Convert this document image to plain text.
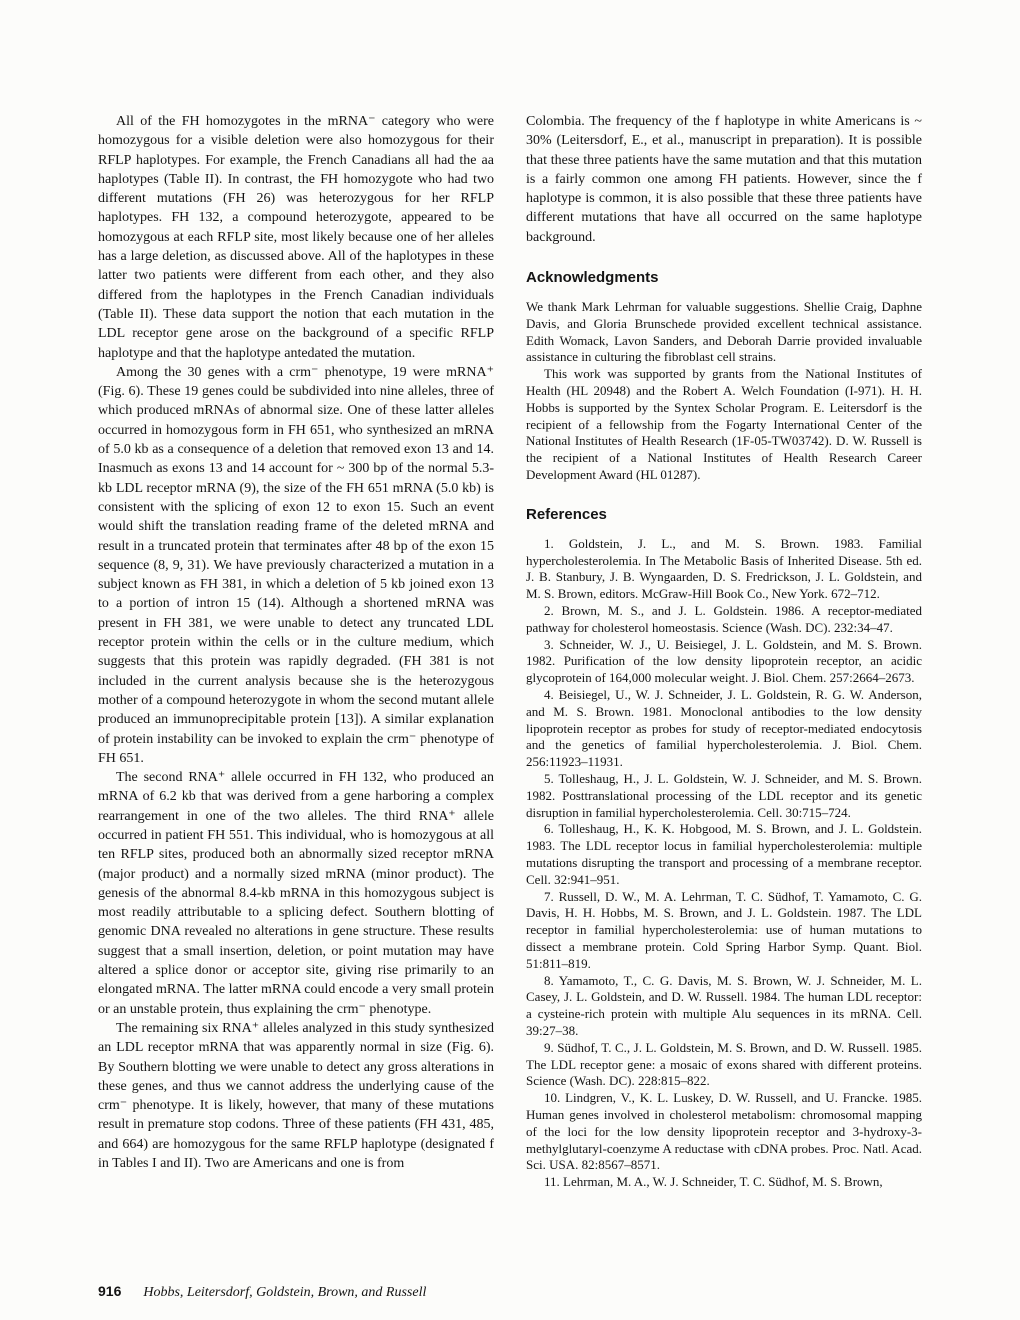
All of the FH homozygotes in the mRNA⁻ category who were homozygous for a visible deletion were also homozygous for their RFLP haplotypes. For example, the French Canadians all had the aa haplotypes (Table II). In contrast, the FH homozygote who had two different mutations (FH 26) was heterozygous for her RFLP haplotypes. FH 132, a compound heterozygote, appeared to be homozygous at each RFLP site, most likely because one of her alleles has a large deletion, as discussed above. All of the haplotypes in these latter two patients were different from each other, and they also differed from the haplotypes in the French Canadian individuals (Table II). These data support the notion that each mutation in the LDL receptor gene arose on the background of a specific RFLP haplotype and that the haplotype antedated the mutation.

Among the 30 genes with a crm⁻ phenotype, 19 were mRNA⁺ (Fig. 6). These 19 genes could be subdivided into nine alleles, three of which produced mRNAs of abnormal size. One of these latter alleles occurred in homozygous form in FH 651, who synthesized an mRNA of 5.0 kb as a consequence of a deletion that removed exon 13 and 14. Inasmuch as exons 13 and 14 account for ~ 300 bp of the normal 5.3-kb LDL receptor mRNA (9), the size of the FH 651 mRNA (5.0 kb) is consistent with the splicing of exon 12 to exon 15. Such an event would shift the translation reading frame of the deleted mRNA and result in a truncated protein that terminates after 48 bp of the exon 15 sequence (8, 9, 31). We have previously characterized a mutation in a subject known as FH 381, in which a deletion of 5 kb joined exon 13 to a portion of intron 15 (14). Although a shortened mRNA was present in FH 381, we were unable to detect any truncated LDL receptor protein within the cells or in the culture medium, which suggests that this protein was rapidly degraded. (FH 381 is not included in the current analysis because she is the heterozygous mother of a compound heterozygote in whom the second mutant allele produced an immunoprecipitable protein [13]). A similar explanation of protein instability can be invoked to explain the crm⁻ phenotype of FH 651.

The second RNA⁺ allele occurred in FH 132, who produced an mRNA of 6.2 kb that was derived from a gene harboring a complex rearrangement in one of the two alleles. The third RNA⁺ allele occurred in patient FH 551. This individual, who is homozygous at all ten RFLP sites, produced both an abnormally sized receptor mRNA (major product) and a normally sized mRNA (minor product). The genesis of the abnormal 8.4-kb mRNA in this homozygous subject is most readily attributable to a splicing defect. Southern blotting of genomic DNA revealed no alterations in gene structure. These results suggest that a small insertion, deletion, or point mutation may have altered a splice donor or acceptor site, giving rise primarily to an elongated mRNA. The latter mRNA could encode a very small protein or an unstable protein, thus explaining the crm⁻ phenotype.

The remaining six RNA⁺ alleles analyzed in this study synthesized an LDL receptor mRNA that was apparently normal in size (Fig. 6). By Southern blotting we were unable to detect any gross alterations in these genes, and thus we cannot address the underlying cause of the crm⁻ phenotype. It is likely, however, that many of these mutations result in premature stop codons. Three of these patients (FH 431, 485, and 664) are homozygous for the same RFLP haplotype (designated f in Tables I and II). Two are Americans and one is from

Colombia. The frequency of the f haplotype in white Americans is ~ 30% (Leitersdorf, E., et al., manuscript in preparation). It is possible that these three patients have the same mutation and that this mutation is a fairly common one among FH patients. However, since the f haplotype is common, it is also possible that these three patients have different mutations that have all occurred on the same haplotype background.

Acknowledgments

We thank Mark Lehrman for valuable suggestions. Shellie Craig, Daphne Davis, and Gloria Brunschede provided excellent technical assistance. Edith Womack, Lavon Sanders, and Deborah Darrie provided invaluable assistance in culturing the fibroblast cell strains.

This work was supported by grants from the National Institutes of Health (HL 20948) and the Robert A. Welch Foundation (I-971). H. H. Hobbs is supported by the Syntex Scholar Program. E. Leitersdorf is the recipient of a fellowship from the Fogarty International Center of the National Institutes of Health Research (1F-05-TW03742). D. W. Russell is the recipient of a National Institutes of Health Research Career Development Award (HL 01287).

References

1. Goldstein, J. L., and M. S. Brown. 1983. Familial hypercholesterolemia. In The Metabolic Basis of Inherited Disease. 5th ed. J. B. Stanbury, J. B. Wyngaarden, D. S. Fredrickson, J. L. Goldstein, and M. S. Brown, editors. McGraw-Hill Book Co., New York. 672–712.

2. Brown, M. S., and J. L. Goldstein. 1986. A receptor-mediated pathway for cholesterol homeostasis. Science (Wash. DC). 232:34–47.

3. Schneider, W. J., U. Beisiegel, J. L. Goldstein, and M. S. Brown. 1982. Purification of the low density lipoprotein receptor, an acidic glycoprotein of 164,000 molecular weight. J. Biol. Chem. 257:2664–2673.

4. Beisiegel, U., W. J. Schneider, J. L. Goldstein, R. G. W. Anderson, and M. S. Brown. 1981. Monoclonal antibodies to the low density lipoprotein receptor as probes for study of receptor-mediated endocytosis and the genetics of familial hypercholesterolemia. J. Biol. Chem. 256:11923–11931.

5. Tolleshaug, H., J. L. Goldstein, W. J. Schneider, and M. S. Brown. 1982. Posttranslational processing of the LDL receptor and its genetic disruption in familial hypercholesterolemia. Cell. 30:715–724.

6. Tolleshaug, H., K. K. Hobgood, M. S. Brown, and J. L. Goldstein. 1983. The LDL receptor locus in familial hypercholesterolemia: multiple mutations disrupting the transport and processing of a membrane receptor. Cell. 32:941–951.

7. Russell, D. W., M. A. Lehrman, T. C. Südhof, T. Yamamoto, C. G. Davis, H. H. Hobbs, M. S. Brown, and J. L. Goldstein. 1987. The LDL receptor in familial hypercholesterolemia: use of human mutations to dissect a membrane protein. Cold Spring Harbor Symp. Quant. Biol. 51:811–819.

8. Yamamoto, T., C. G. Davis, M. S. Brown, W. J. Schneider, M. L. Casey, J. L. Goldstein, and D. W. Russell. 1984. The human LDL receptor: a cysteine-rich protein with multiple Alu sequences in its mRNA. Cell. 39:27–38.

9. Südhof, T. C., J. L. Goldstein, M. S. Brown, and D. W. Russell. 1985. The LDL receptor gene: a mosaic of exons shared with different proteins. Science (Wash. DC). 228:815–822.

10. Lindgren, V., K. L. Luskey, D. W. Russell, and U. Francke. 1985. Human genes involved in cholesterol metabolism: chromosomal mapping of the loci for the low density lipoprotein receptor and 3-hydroxy-3-methylglutaryl-coenzyme A reductase with cDNA probes. Proc. Natl. Acad. Sci. USA. 82:8567–8571.

11. Lehrman, M. A., W. J. Schneider, T. C. Südhof, M. S. Brown,

916 Hobbs, Leitersdorf, Goldstein, Brown, and Russell
